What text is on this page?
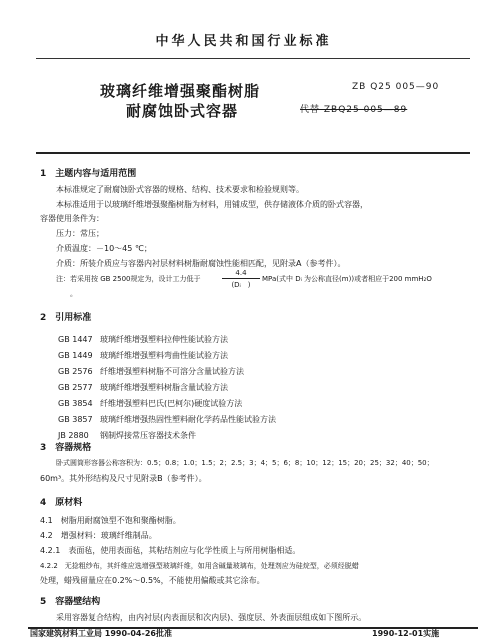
中华人民共和国行业标准
玻璃纤维增强聚酯树脂
耐腐蚀卧式容器
ZB Q25 005—90
代替 ZBQ25 005—89
1　主题内容与适用范围
本标准规定了耐腐蚀卧式容器的规格、结构、技术要求和检验规则等。
本标准适用于以玻璃纤维增强聚酯树脂为材料，用铺成型，供存储液体介质的卧式容器，
容器使用条件为：
压力：常压；
介质温度：－10～45 ℃；
介质：所装介质应与容器内衬层材料树脂耐腐蚀性能相匹配，见附录A（参考件）。
注：若采用按 GB 2500规定为，设计工力低于
4.4
(Dᵢ　)
MPa(式中 Dᵢ 为公称直径(m))或者相应于200 mmH₂O
。
2　引用标准
GB 1447 玻璃纤维增强塑料拉伸性能试验方法
GB 1449 玻璃纤维增强塑料弯曲性能试验方法
GB 2576 纤维增强塑料树脂不可溶分含量试验方法
GB 2577 玻璃纤维增强塑料树脂含量试验方法
GB 3854 纤维增强塑料巴氏(巴柯尔)硬度试验方法
GB 3857 玻璃纤维增强热固性塑料耐化学药品性能试验方法
JB 2880 钢制焊接常压容器技术条件
3　容器规格
卧式圆筒形容器公称容积为：0.5；0.8；1.0；1.5；2；2.5；3；4；5；6；8；10；12；15；20；25；32；40；50；
60m³。其外形结构及尺寸见附录B（参考件）。
4　原材料
4.1　树脂用耐腐蚀型不饱和聚酯树脂。
4.2　增强材料：玻璃纤维制品。
4.2.1　表面毡，使用表面毡，其粘结剂应与化学性质上与所用树脂相适。
4.2.2　无捻粗纱布，其纤维应选增强型玻璃纤维，如用含碱量玻璃布，处理剂应为硅烷型，必须经脱蜡
处理，蜡残留量应在0.2%～0.5%，不能使用偏酸或其它涂布。
5　容器壁结构
采用容器复合结构，由内衬层(内表面层和次内层)、强度层、外表面层组成如下图所示。
国家建筑材料工业局 1990-04-26批准	1990-12-01实施
